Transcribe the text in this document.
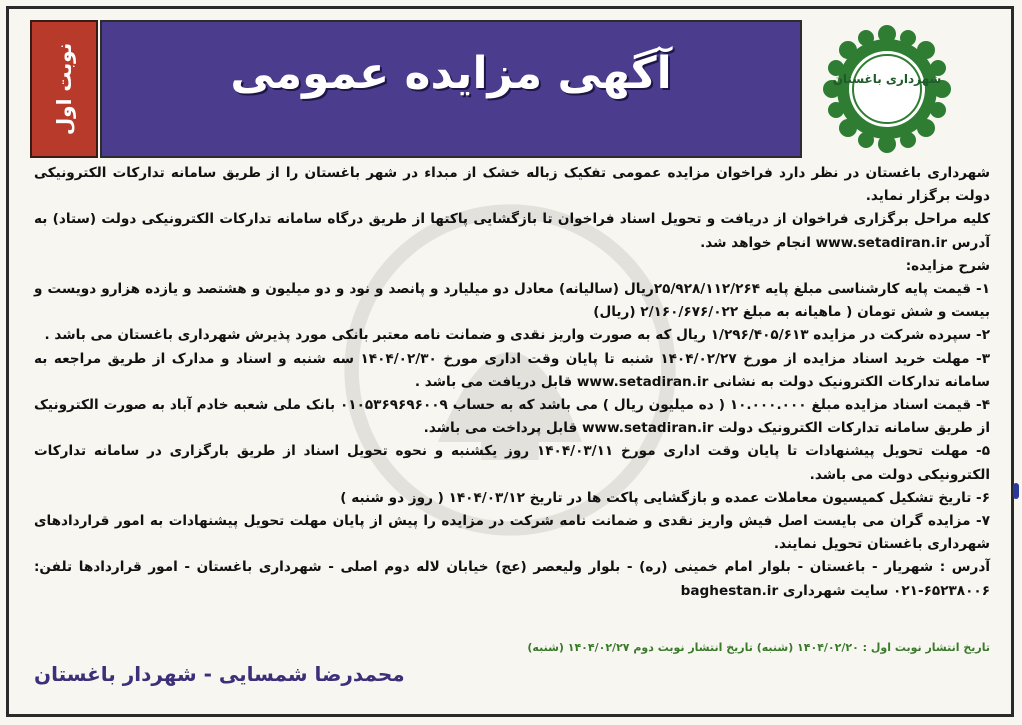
نوبت اول	آگهی مزایده عمومی	شهرداری باغستان

شهرداری باغستان در نظر دارد فراخوان مزایده عمومی تفکیک زباله خشک از مبداء در شهر باغستان را از طریق سامانه تدارکات الکترونیکی دولت برگزار نماید.

کلیه مراحل برگزاری فراخوان از دریافت و تحویل اسناد فراخوان تا بازگشایی پاکتها از طریق درگاه سامانه تدارکات الکترونیکی دولت (ستاد) به آدرس www.setadiran.ir انجام خواهد شد.

شرح مزایده:

۱- قیمت پایه کارشناسی مبلغ پایه ۲۵/۹۲۸/۱۱۲/۲۶۴ریال (سالیانه) معادل دو میلیارد و پانصد و نود و دو میلیون و هشتصد و یازده هزارو دویست و بیست و شش تومان ( ماهیانه به مبلغ ۲/۱۶۰/۶۷۶/۰۲۲ (ریال)

۲- سپرده شرکت در مزایده ۱/۲۹۶/۴۰۵/۶۱۳ ریال که به صورت واریز نقدی و ضمانت نامه معتبر بانکی مورد پذیرش شهرداری باغستان می باشد .

۳- مهلت خرید اسناد مزایده از مورخ ۱۴۰۴/۰۲/۲۷ شنبه تا پایان وقت اداری مورخ ۱۴۰۴/۰۲/۳۰ سه شنبه و اسناد و مدارک از طریق مراجعه به سامانه تدارکات الکترونیک دولت به نشانی www.setadiran.ir قابل دریافت می باشد .

۴- قیمت اسناد مزایده مبلغ ۱۰.۰۰۰.۰۰۰ ( ده میلیون ریال ) می باشد که به حساب ۰۱۰۵۳۶۹۶۹۶۰۰۹ بانک ملی شعبه خادم آباد به صورت الکترونیک از طریق سامانه تدارکات الکترونیک دولت www.setadiran.ir قابل پرداخت می باشد.

۵- مهلت تحویل پیشنهادات تا پایان وقت اداری مورخ ۱۴۰۴/۰۳/۱۱ روز یکشنبه و نحوه تحویل اسناد از طریق بارگزاری در سامانه تدارکات الکترونیکی دولت می باشد.

۶- تاریخ تشکیل کمیسیون معاملات عمده و بازگشایی پاکت ها در تاریخ ۱۴۰۴/۰۳/۱۲ ( روز دو شنبه )

۷- مزایده گران می بایست اصل فیش واریز نقدی و ضمانت نامه شرکت در مزایده را پیش از پایان مهلت تحویل پیشنهادات به امور قراردادهای شهرداری باغستان تحویل نمایند.

آدرس : شهریار - باغستان - بلوار امام خمینی (ره) - بلوار ولیعصر (عج) خیابان لاله دوم اصلی - شهرداری باغستان - امور قراردادها تلفن: ۶۵۲۳۸۰۰۶-۰۲۱ سایت شهرداری baghestan.ir

تاریخ انتشار نوبت اول : ۱۴۰۴/۰۲/۲۰ (شنبه) تاریخ انتشار نوبت دوم ۱۴۰۴/۰۲/۲۷ (شنبه)
محمدرضا شمسایی - شهردار باغستان
